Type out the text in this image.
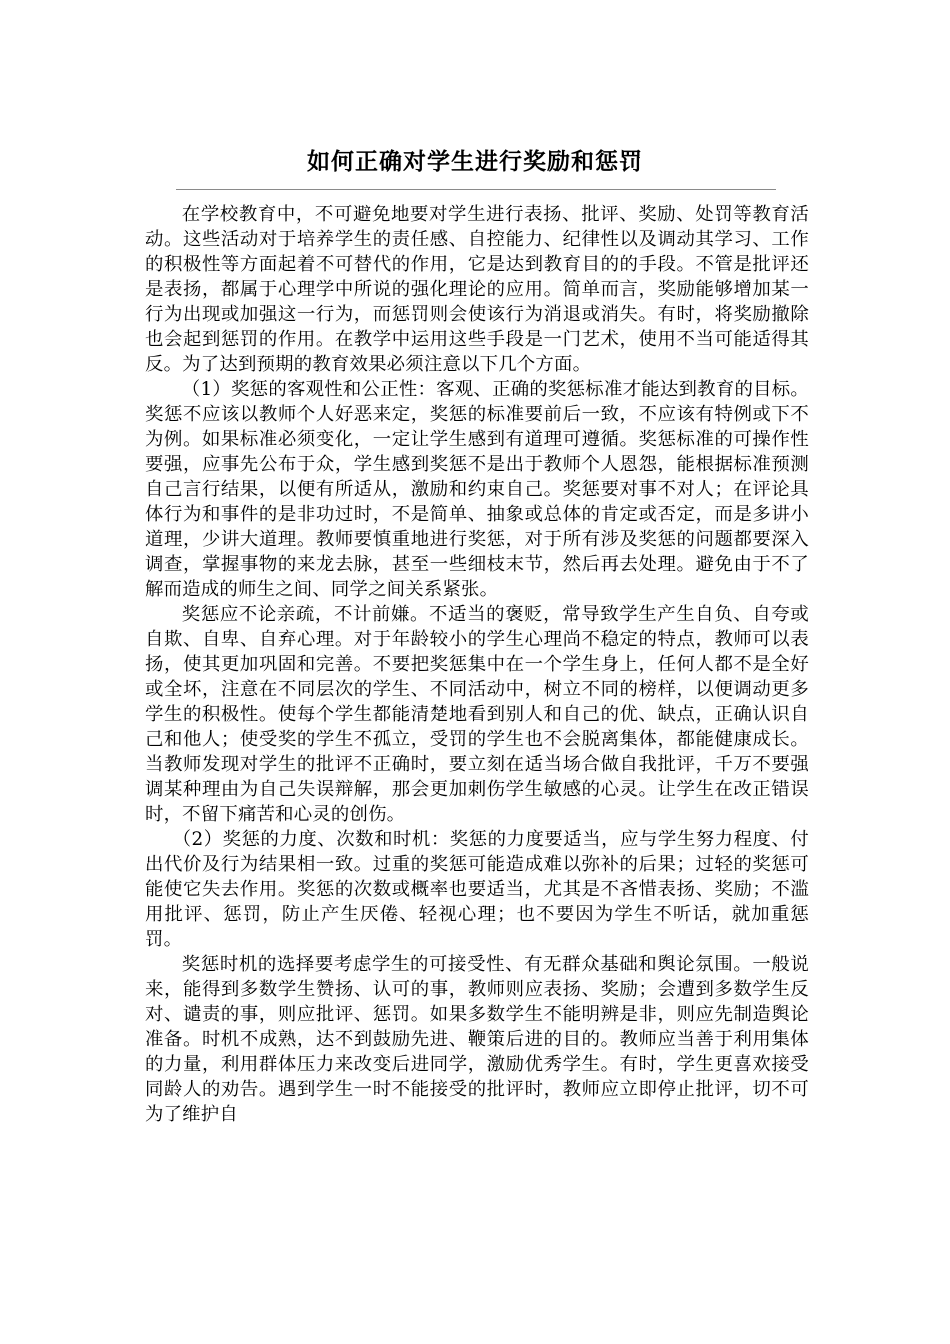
如何正确对学生进行奖励和惩罚

在学校教育中，不可避免地要对学生进行表扬、批评、奖励、处罚等教育活动。这些活动对于培养学生的责任感、自控能力、纪律性以及调动其学习、工作的积极性等方面起着不可替代的作用，它是达到教育目的的手段。不管是批评还是表扬，都属于心理学中所说的强化理论的应用。简单而言，奖励能够增加某一行为出现或加强这一行为，而惩罚则会使该行为消退或消失。有时，将奖励撤除也会起到惩罚的作用。在教学中运用这些手段是一门艺术，使用不当可能适得其反。为了达到预期的教育效果必须注意以下几个方面。

（1）奖惩的客观性和公正性：客观、正确的奖惩标准才能达到教育的目标。奖惩不应该以教师个人好恶来定，奖惩的标准要前后一致，不应该有特例或下不为例。如果标准必须变化，一定让学生感到有道理可遵循。奖惩标准的可操作性要强，应事先公布于众，学生感到奖惩不是出于教师个人恩怨，能根据标准预测自己言行结果，以便有所适从，激励和约束自己。奖惩要对事不对人；在评论具体行为和事件的是非功过时，不是简单、抽象或总体的肯定或否定，而是多讲小道理，少讲大道理。教师要慎重地进行奖惩，对于所有涉及奖惩的问题都要深入调查，掌握事物的来龙去脉，甚至一些细枝末节，然后再去处理。避免由于不了解而造成的师生之间、同学之间关系紧张。

奖惩应不论亲疏，不计前嫌。不适当的褒贬，常导致学生产生自负、自夸或自欺、自卑、自弃心理。对于年龄较小的学生心理尚不稳定的特点，教师可以表扬，使其更加巩固和完善。不要把奖惩集中在一个学生身上，任何人都不是全好或全坏，注意在不同层次的学生、不同活动中，树立不同的榜样，以便调动更多学生的积极性。使每个学生都能清楚地看到别人和自己的优、缺点，正确认识自己和他人；使受奖的学生不孤立，受罚的学生也不会脱离集体，都能健康成长。当教师发现对学生的批评不正确时，要立刻在适当场合做自我批评，千万不要强调某种理由为自己失误辩解，那会更加刺伤学生敏感的心灵。让学生在改正错误时，不留下痛苦和心灵的创伤。

（2）奖惩的力度、次数和时机：奖惩的力度要适当，应与学生努力程度、付出代价及行为结果相一致。过重的奖惩可能造成难以弥补的后果；过轻的奖惩可能使它失去作用。奖惩的次数或概率也要适当，尤其是不吝惜表扬、奖励；不滥用批评、惩罚，防止产生厌倦、轻视心理；也不要因为学生不听话，就加重惩罚。

奖惩时机的选择要考虑学生的可接受性、有无群众基础和舆论氛围。一般说来，能得到多数学生赞扬、认可的事，教师则应表扬、奖励；会遭到多数学生反对、谴责的事，则应批评、惩罚。如果多数学生不能明辨是非，则应先制造舆论准备。时机不成熟，达不到鼓励先进、鞭策后进的目的。教师应当善于利用集体的力量，利用群体压力来改变后进同学，激励优秀学生。有时，学生更喜欢接受同龄人的劝告。遇到学生一时不能接受的批评时，教师应立即停止批评，切不可为了维护自
